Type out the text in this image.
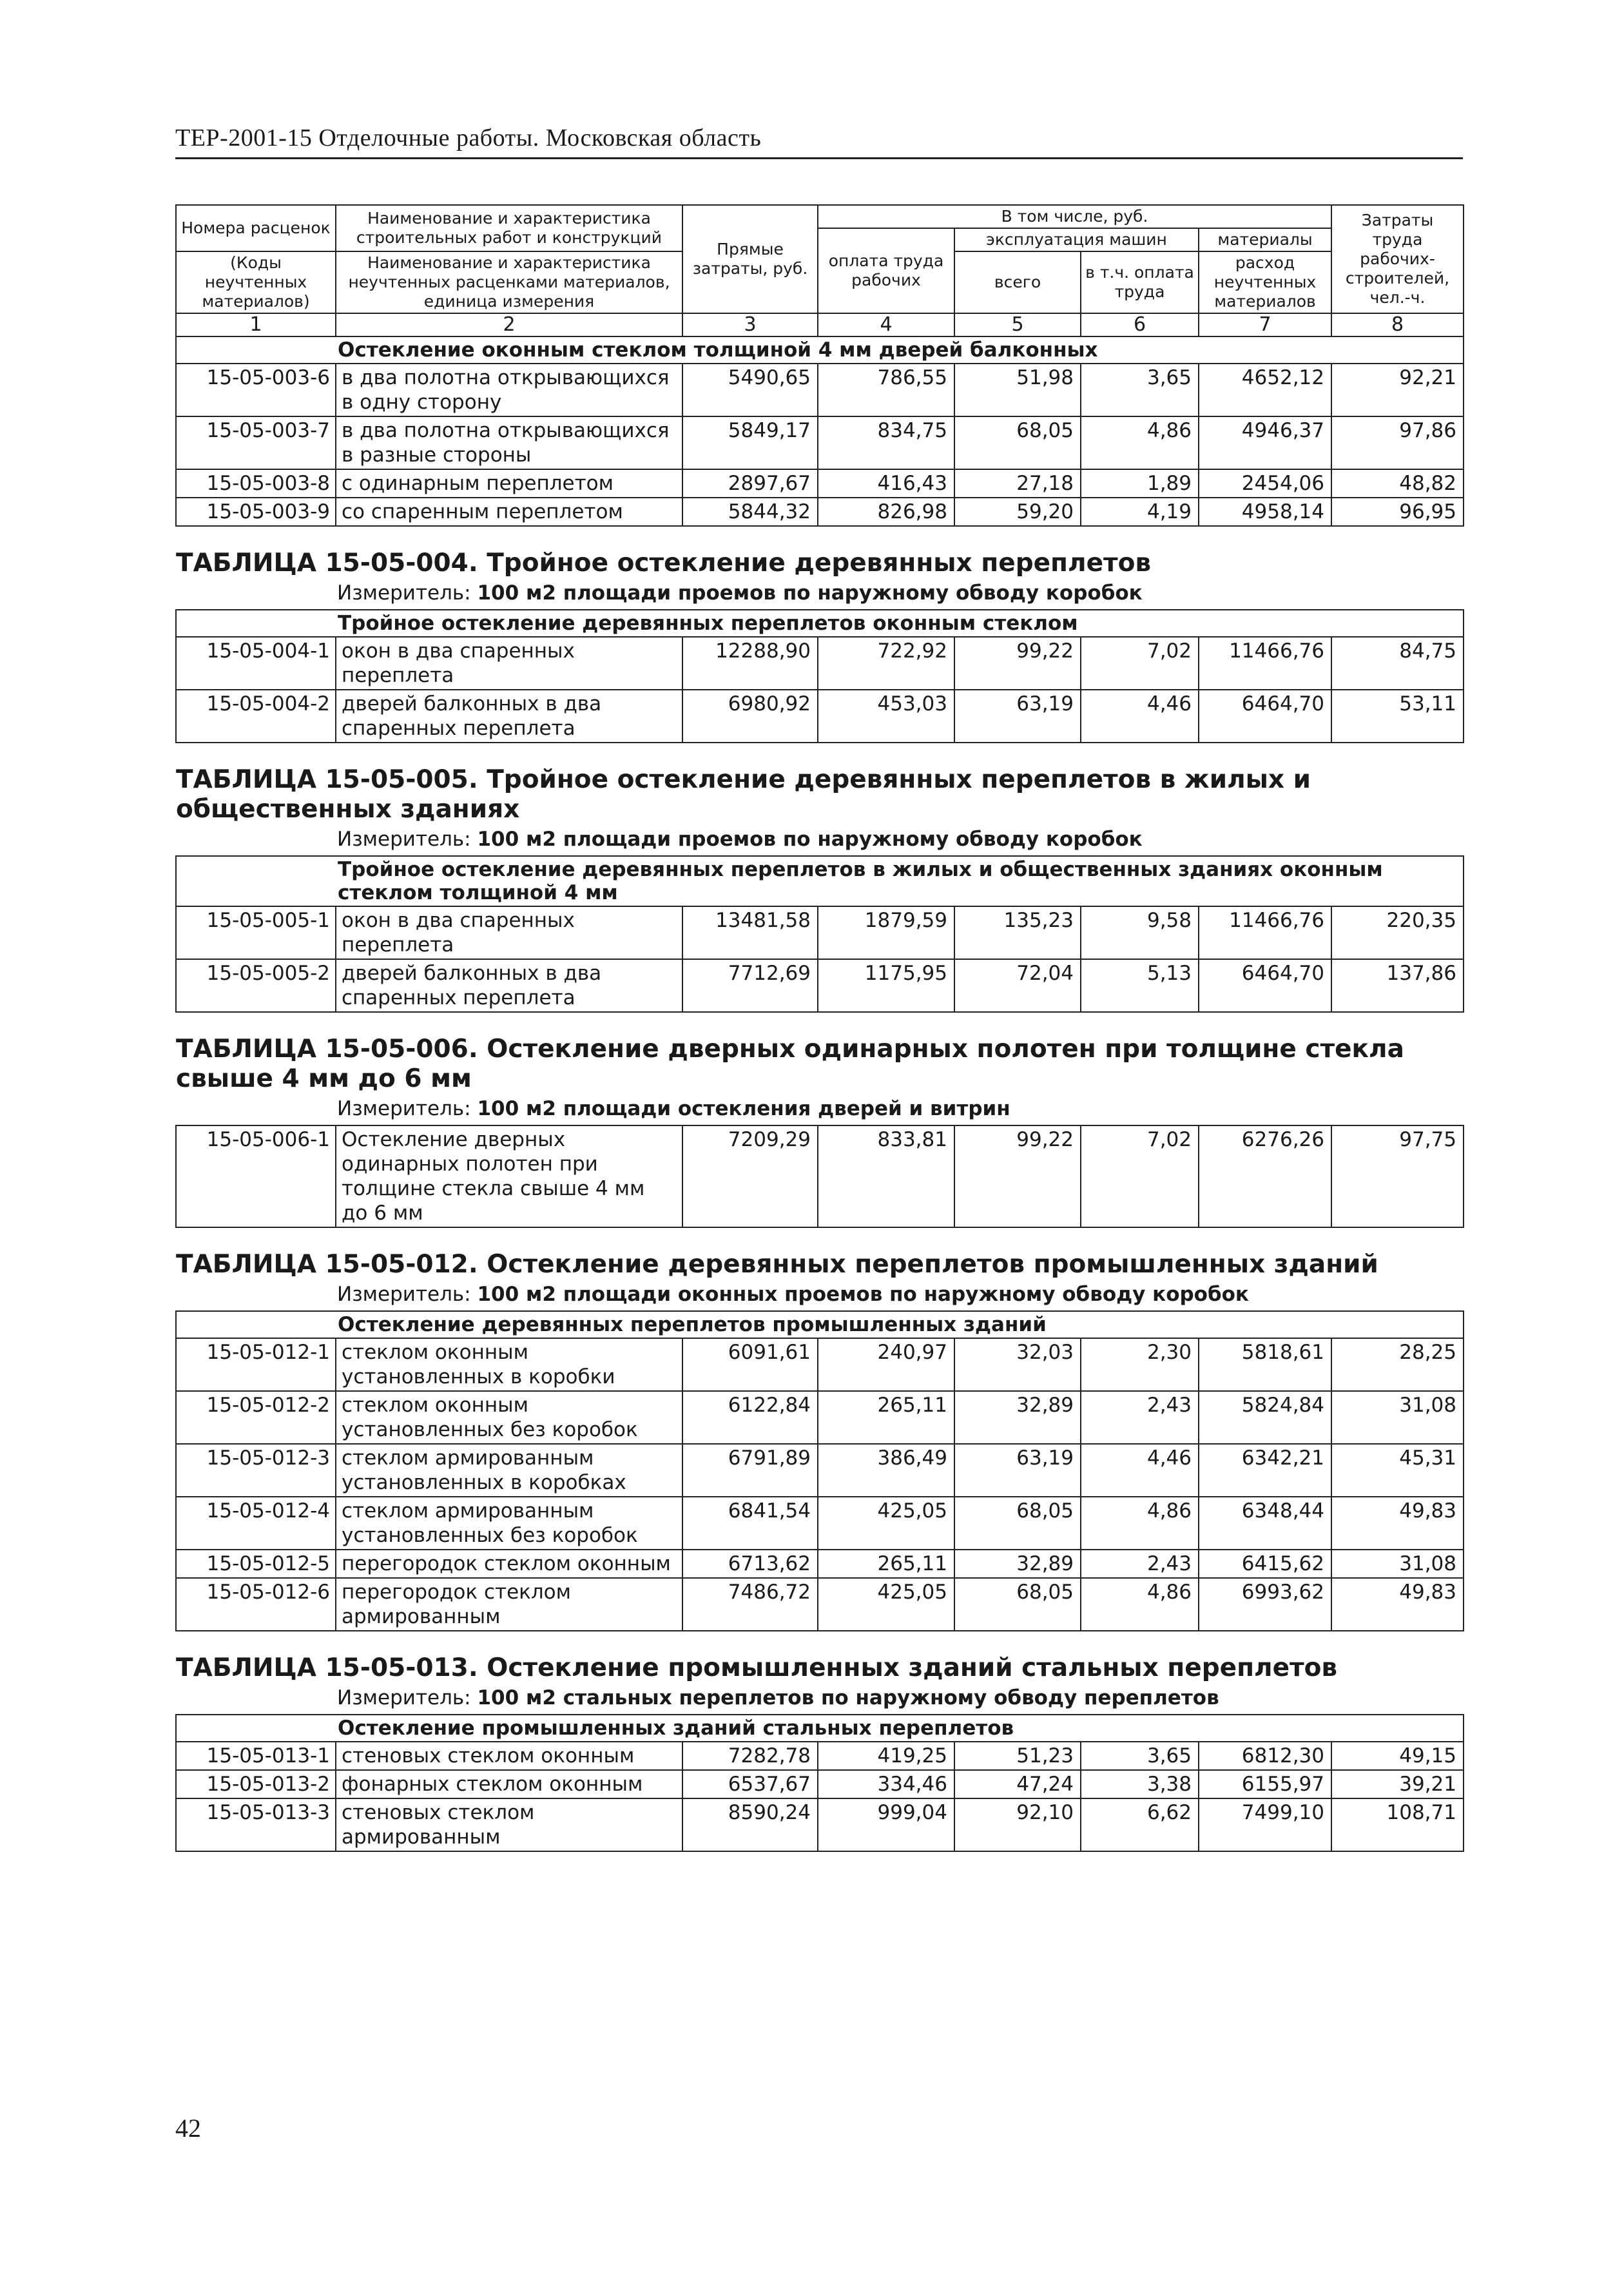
ТЕР-2001-15 Отделочные работы. Московская область
Номера расценок	Наименование и характеристика строительных работ и конструкций	Прямые затраты, руб.	В том числе, руб.				Затраты труда рабочих-строителей, чел.-ч.
			оплата труда рабочих	эксплуатация машин		материалы	
(Коды неучтенных материалов)	Наименование и характеристика неучтенных расценками материалов, единица измерения			всего	в т.ч. оплата труда	расход неучтенных материалов	

1	2	3	4	5	6	7	8
Остекление оконным стеклом толщиной 4 мм дверей балконных							
15-05-003-6	в два полотна открывающихся в одну сторону	5490,65	786,55	51,98	3,65	4652,12	92,21
15-05-003-7	в два полотна открывающихся в разные стороны	5849,17	834,75	68,05	4,86	4946,37	97,86
15-05-003-8	с одинарным переплетом	2897,67	416,43	27,18	1,89	2454,06	48,82
15-05-003-9	со спаренным переплетом	5844,32	826,98	59,20	4,19	4958,14	96,95

ТАБЛИЦА 15-05-004. Тройное остекление деревянных переплетов
Измеритель: 100 м2 площади проемов по наружному обводу коробок							

Тройное остекление деревянных переплетов оконным стеклом							
15-05-004-1	окон в два спаренных переплета	12288,90	722,92	99,22	7,02	11466,76	84,75
15-05-004-2	дверей балконных в два спаренных переплета	6980,92	453,03	63,19	4,46	6464,70	53,11

ТАБЛИЦА 15-05-005. Тройное остекление деревянных переплетов в жилых и общественных зданиях
Измеритель: 100 м2 площади проемов по наружному обводу коробок							

Тройное остекление деревянных переплетов в жилых и общественных зданиях оконным стеклом толщиной 4 мм							
15-05-005-1	окон в два спаренных переплета	13481,58	1879,59	135,23	9,58	11466,76	220,35
15-05-005-2	дверей балконных в два спаренных переплета	7712,69	1175,95	72,04	5,13	6464,70	137,86

ТАБЛИЦА 15-05-006. Остекление дверных одинарных полотен при толщине стекла свыше 4 мм до 6 мм
Измеритель: 100 м2 площади остекления дверей и витрин							

15-05-006-1	Остекление дверных одинарных полотен при толщине стекла свыше 4 мм до 6 мм	7209,29	833,81	99,22	7,02	6276,26	97,75

ТАБЛИЦА 15-05-012. Остекление деревянных переплетов промышленных зданий
Измеритель: 100 м2 площади оконных проемов по наружному обводу коробок							

Остекление деревянных переплетов промышленных зданий							
15-05-012-1	стеклом оконным установленных в коробки	6091,61	240,97	32,03	2,30	5818,61	28,25
15-05-012-2	стеклом оконным установленных без коробок	6122,84	265,11	32,89	2,43	5824,84	31,08
15-05-012-3	стеклом армированным установленных в коробках	6791,89	386,49	63,19	4,46	6342,21	45,31
15-05-012-4	стеклом армированным установленных без коробок	6841,54	425,05	68,05	4,86	6348,44	49,83
15-05-012-5	перегородок стеклом оконным	6713,62	265,11	32,89	2,43	6415,62	31,08
15-05-012-6	перегородок стеклом армированным	7486,72	425,05	68,05	4,86	6993,62	49,83

ТАБЛИЦА 15-05-013. Остекление промышленных зданий стальных переплетов
Измеритель: 100 м2 стальных переплетов по наружному обводу переплетов							

Остекление промышленных зданий стальных переплетов							
15-05-013-1	стеновых стеклом оконным	7282,78	419,25	51,23	3,65	6812,30	49,15
15-05-013-2	фонарных стеклом оконным	6537,67	334,46	47,24	3,38	6155,97	39,21
15-05-013-3	стеновых стеклом армированным	8590,24	999,04	92,10	6,62	7499,10	108,71
42
